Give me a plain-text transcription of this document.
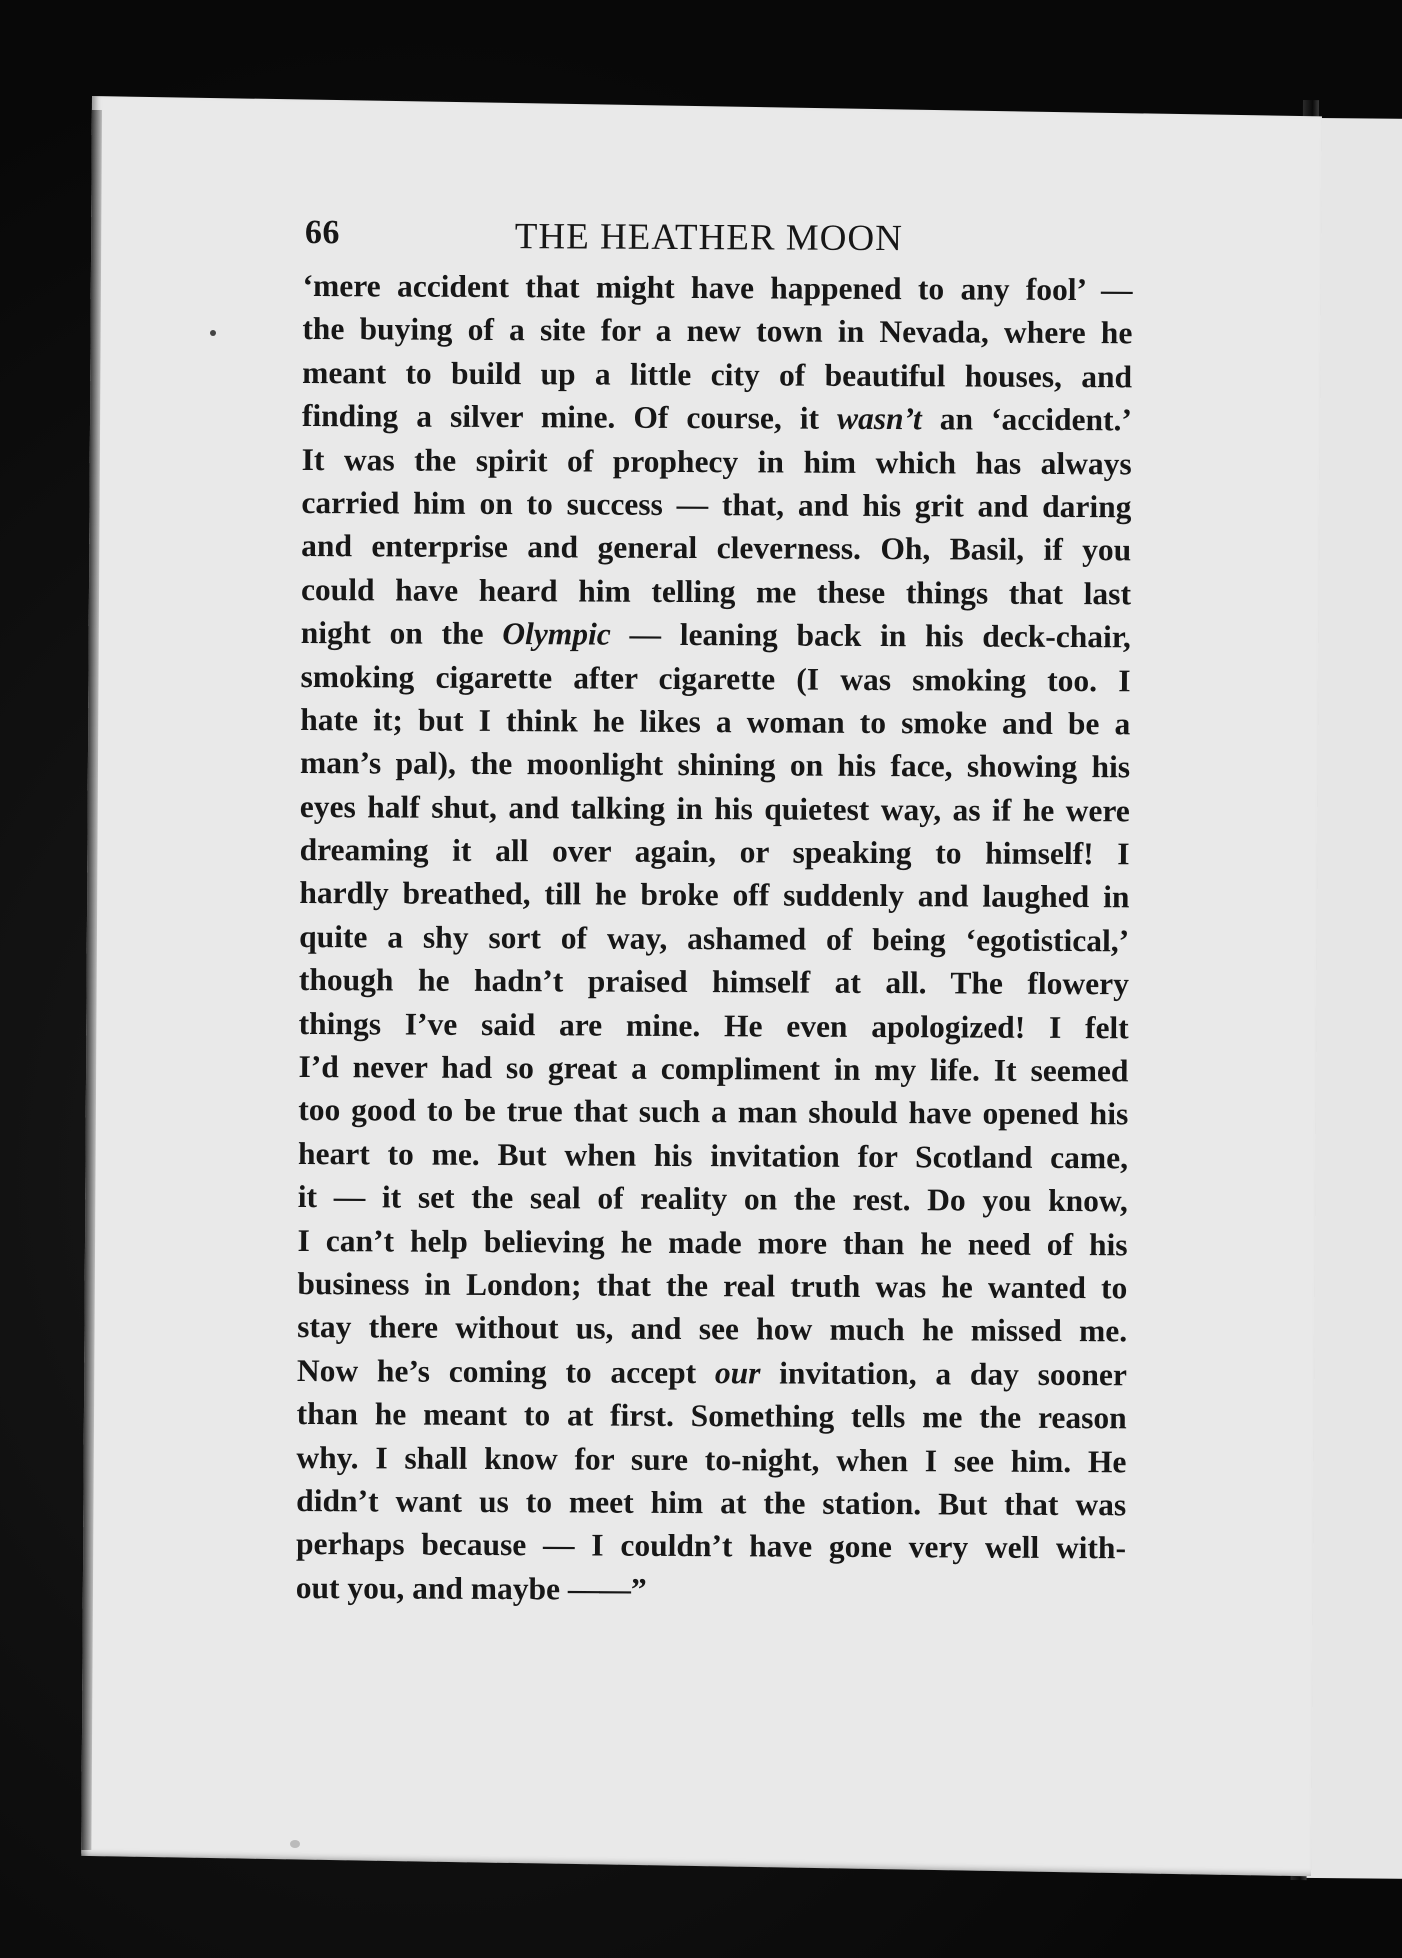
66	THE HEATHER MOON
‘mere accident that might have happened to any fool’ —
the buying of a site for a new town in Nevada, where he
meant to build up a little city of beautiful houses, and
finding a silver mine. Of course, it wasn’t an ‘accident.’
It was the spirit of prophecy in him which has always
carried him on to success — that, and his grit and daring
and enterprise and general cleverness. Oh, Basil, if you
could have heard him telling me these things that last
night on the Olympic — leaning back in his deck-chair,
smoking cigarette after cigarette (I was smoking too. I
hate it; but I think he likes a woman to smoke and be a
man’s pal), the moonlight shining on his face, showing his
eyes half shut, and talking in his quietest way, as if he were
dreaming it all over again, or speaking to himself! I
hardly breathed, till he broke off suddenly and laughed in
quite a shy sort of way, ashamed of being ‘egotistical,’
though he hadn’t praised himself at all. The flowery
things I’ve said are mine. He even apologized! I felt
I’d never had so great a compliment in my life. It seemed
too good to be true that such a man should have opened his
heart to me. But when his invitation for Scotland came,
it — it set the seal of reality on the rest. Do you know,
I can’t help believing he made more than he need of his
business in London; that the real truth was he wanted to
stay there without us, and see how much he missed me.
Now he’s coming to accept our invitation, a day sooner
than he meant to at first. Something tells me the reason
why. I shall know for sure to-night, when I see him. He
didn’t want us to meet him at the station. But that was
perhaps because — I couldn’t have gone very well with-
out you, and maybe ——”
